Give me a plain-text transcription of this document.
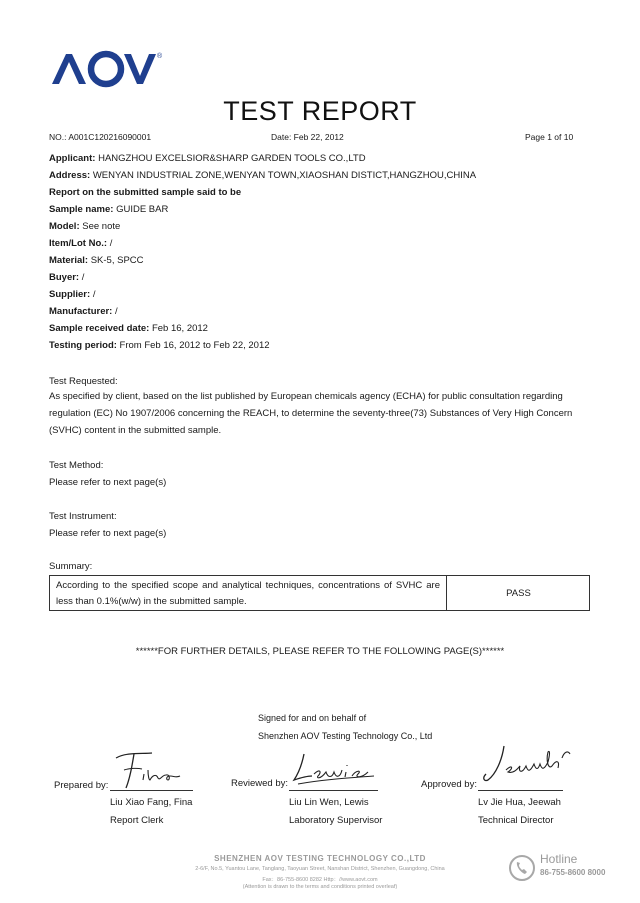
®
TEST REPORT
NO.: A001C120216090001	Date: Feb 22, 2012	Page 1 of 10
Applicant: HANGZHOU EXCELSIOR&SHARP GARDEN TOOLS CO.,LTD
Address: WENYAN INDUSTRIAL ZONE,WENYAN TOWN,XIAOSHAN DISTICT,HANGZHOU,CHINA
Report on the submitted sample said to be
Sample name: GUIDE BAR
Model: See note
Item/Lot No.: /
Material: SK-5, SPCC
Buyer: /
Supplier: /
Manufacturer: /
Sample received date: Feb 16, 2012
Testing period: From Feb 16, 2012 to Feb 22, 2012
Test Requested:
As specified by client, based on the list published by European chemicals agency (ECHA) for public consultation regarding
regulation (EC) No 1907/2006 concerning the REACH, to determine the seventy-three(73) Substances of Very High Concern
(SVHC) content in the submitted sample.
Test Method:
Please refer to next page(s)
Test Instrument:
Please refer to next page(s)
Summary:
According to the specified scope and analytical techniques, concentrations of SVHC are
less than 0.1%(w/w) in the submitted sample.
PASS
******FOR FURTHER DETAILS, PLEASE REFER TO THE FOLLOWING PAGE(S)******
Signed for and on behalf of
Shenzhen AOV Testing Technology Co., Ltd
Prepared by:
Liu Xiao Fang, Fina
Report Clerk
Reviewed by:
Liu Lin Wen, Lewis
Laboratory Supervisor
Approved by:
Lv Jie Hua, Jeewah
Technical Director
SHENZHEN AOV TESTING TECHNOLOGY CO.,LTD
2-6/F, No.5, Yuantou Lane, Tanglang, Taoyuan Street, Nanshan District, Shenzhen, Guangdong, China
Fax：86-755-8600 8282 Http：//www.aovt.com
(Attention is drawn to the terms and conditions printed overleaf)
Hotline
86-755-8600 8000
